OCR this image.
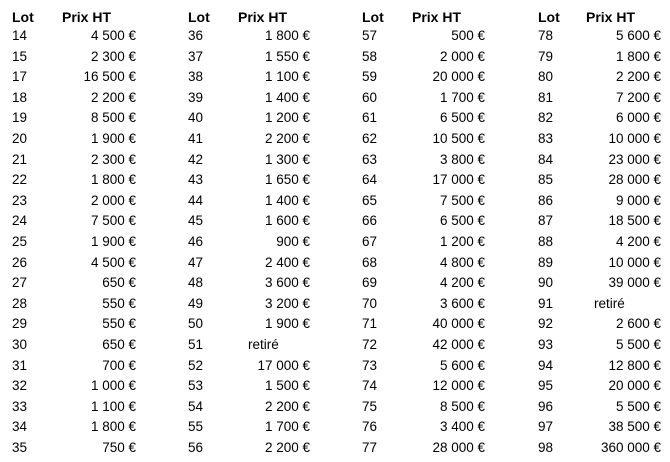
Lot Prix HT	Lot Prix HT	Lot Prix HT	Lot Prix HT
14	4 500 €	36	1 800 €	57	500 €	78	5 600 €
15	2 300 €	37	1 550 €	58	2 000 €	79	1 800 €
17	16 500 €	38	1 100 €	59	20 000 €	80	2 200 €
18	2 200 €	39	1 400 €	60	1 700 €	81	7 200 €
19	8 500 €	40	1 200 €	61	6 500 €	82	6 000 €
20	1 900 €	41	2 200 €	62	10 500 €	83	10 000 €
21	2 300 €	42	1 300 €	63	3 800 €	84	23 000 €
22	1 800 €	43	1 650 €	64	17 000 €	85	28 000 €
23	2 000 €	44	1 400 €	65	7 500 €	86	9 000 €
24	7 500 €	45	1 600 €	66	6 500 €	87	18 500 €
25	1 900 €	46	900 €	67	1 200 €	88	4 200 €
26	4 500 €	47	2 400 €	68	4 800 €	89	10 000 €
27	650 €	48	3 600 €	69	4 200 €	90	39 000 €
28	550 €	49	3 200 €	70	3 600 €	91	retiré
29	550 €	50	1 900 €	71	40 000 €	92	2 600 €
30	650 €	51	retiré	72	42 000 €	93	5 500 €
31	700 €	52	17 000 €	73	5 600 €	94	12 800 €
32	1 000 €	53	1 500 €	74	12 000 €	95	20 000 €
33	1 100 €	54	2 200 €	75	8 500 €	96	5 500 €
34	1 800 €	55	1 700 €	76	3 400 €	97	38 500 €
35	750 €	56	2 200 €	77	28 000 €	98	360 000 €
